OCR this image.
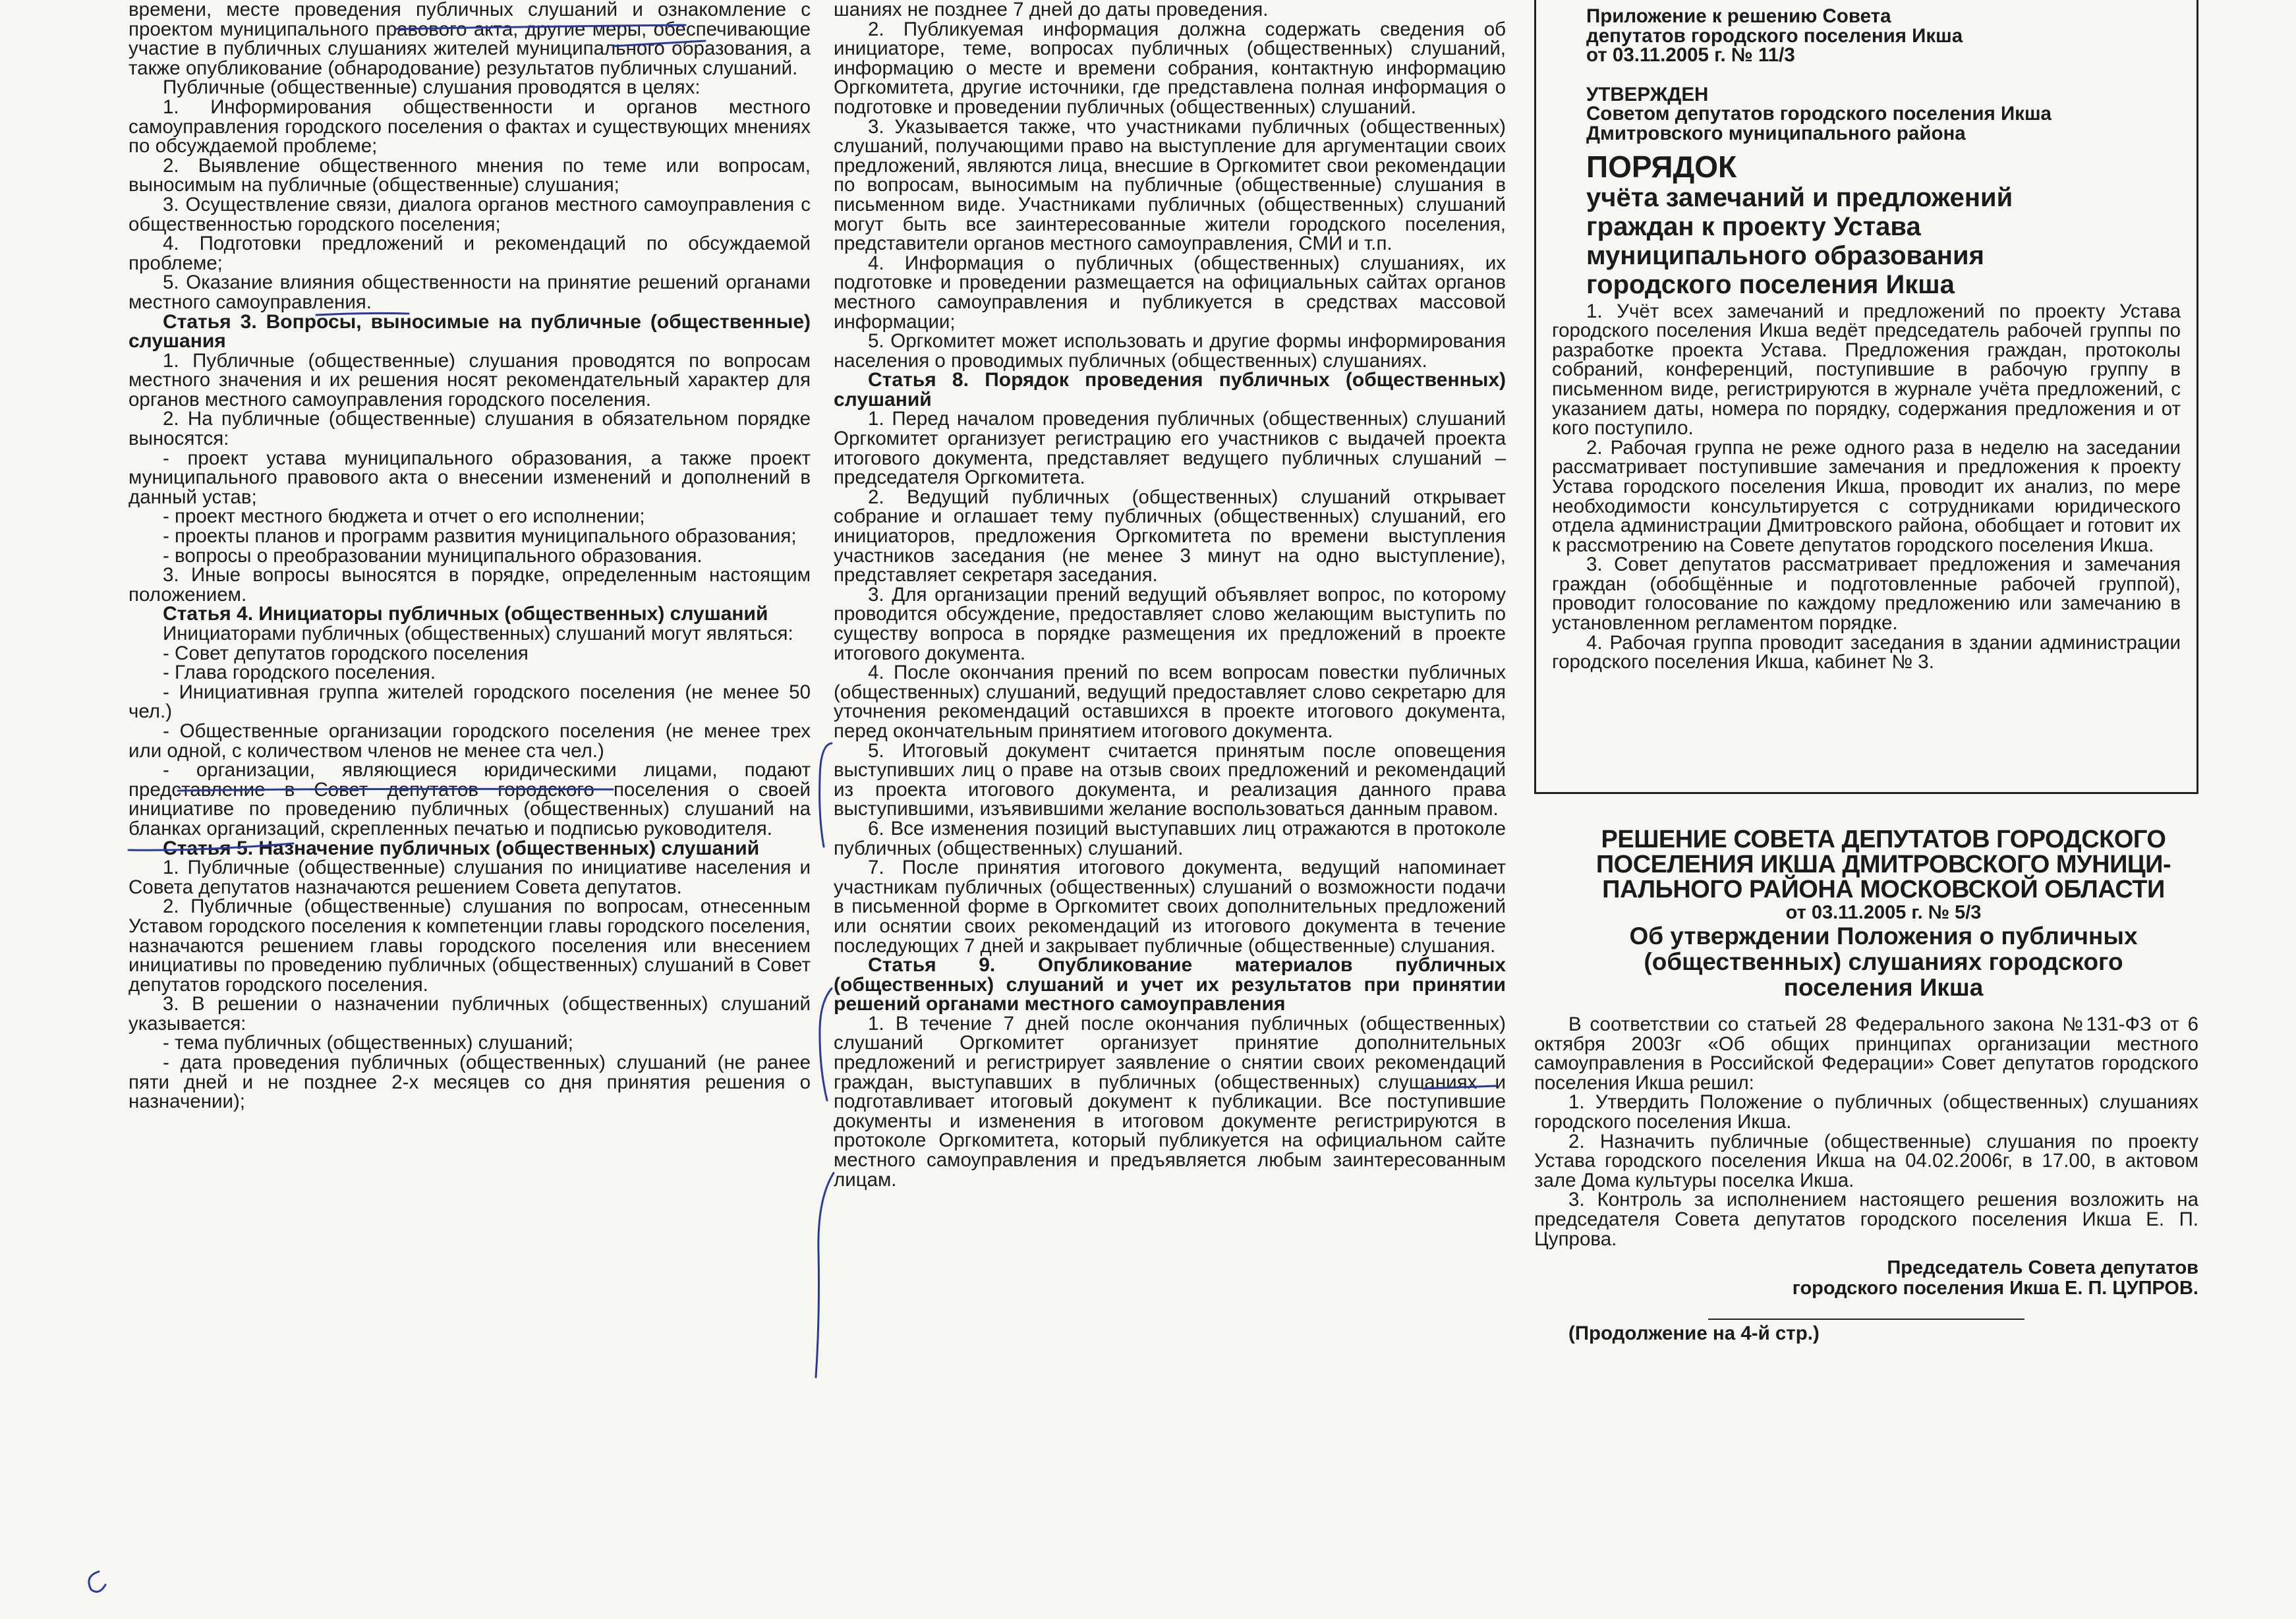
времени, месте проведения публичных слушаний и ознакомление с проектом муниципального правового акта, другие меры, обеспечивающие участие в публичных слушаниях жителей муниципального образования, а также опубликование (обнародование) результатов публичных слушаний.

Публичные (общественные) слушания проводятся в целях:

1. Информирования общественности и органов местного самоуправления городского поселения о фактах и существующих мнениях по обсуждаемой проблеме;

2. Выявление общественного мнения по теме или вопросам, выносимым на публичные (общественные) слушания;

3. Осуществление связи, диалога органов местного самоуправления с общественностью городского поселения;

4. Подготовки предложений и рекомендаций по обсуждаемой проблеме;

5. Оказание влияния общественности на принятие решений органами местного самоуправления.

Статья 3. Вопросы, выносимые на публичные (общественные) слушания

1. Публичные (общественные) слушания проводятся по вопросам местного значения и их решения носят рекомендательный характер для органов местного самоуправления городского поселения.

2. На публичные (общественные) слушания в обязательном порядке выносятся:

- проект устава муниципального образования, а также проект муниципального правового акта о внесении изменений и дополнений в данный устав;

- проект местного бюджета и отчет о его исполнении;

- проекты планов и программ развития муниципального образования;

- вопросы о преобразовании муниципального образования.

3. Иные вопросы выносятся в порядке, определенным настоящим положением.

Статья 4. Инициаторы публичных (общественных) слушаний

Инициаторами публичных (общественных) слушаний могут являться:

- Совет депутатов городского поселения

- Глава городского поселения.

- Инициативная группа жителей городского поселения (не менее 50 чел.)

- Общественные организации городского поселения (не менее трех или одной, с количеством членов не менее ста чел.)

- организации, являющиеся юридическими лицами, подают представление в Совет депутатов городского поселения о своей инициативе по проведению публичных (общественных) слушаний на бланках организаций, скрепленных печатью и подписью руководителя.

Статья 5. Назначение публичных (общественных) слушаний

1. Публичные (общественные) слушания по инициативе населения и Совета депутатов назначаются решением Совета депутатов.

2. Публичные (общественные) слушания по вопросам, отнесенным Уставом городского поселения к компетенции главы городского поселения, назначаются решением главы городского поселения или внесением инициативы по проведению публичных (общественных) слушаний в Совет депутатов городского поселения.

3. В решении о назначении публичных (общественных) слушаний указывается:

- тема публичных (общественных) слушаний;

- дата проведения публичных (общественных) слушаний (не ранее пяти дней и не позднее 2-х месяцев со дня принятия решения о назначении);

шаниях не позднее 7 дней до даты проведения.

2. Публикуемая информация должна содержать сведения об инициаторе, теме, вопросах публичных (общественных) слушаний, информацию о месте и времени собрания, контактную информацию Оргкомитета, другие источники, где представлена полная информация о подготовке и проведении публичных (общественных) слушаний.

3. Указывается также, что участниками публичных (общественных) слушаний, получающими право на выступление для аргументации своих предложений, являются лица, внесшие в Оргкомитет свои рекомендации по вопросам, выносимым на публичные (общественные) слушания в письменном виде. Участниками публичных (общественных) слушаний могут быть все заинтересованные жители городского поселения, представители органов местного самоуправления, СМИ и т.п.

4. Информация о публичных (общественных) слушаниях, их подготовке и проведении размещается на официальных сайтах органов местного самоуправления и публикуется в средствах массовой информации;

5. Оргкомитет может использовать и другие формы информирования населения о проводимых публичных (общественных) слушаниях.

Статья 8. Порядок проведения публичных (общественных) слушаний

1. Перед началом проведения публичных (общественных) слушаний Оргкомитет организует регистрацию его участников с выдачей проекта итогового документа, представляет ведущего публичных слушаний – председателя Оргкомитета.

2. Ведущий публичных (общественных) слушаний открывает собрание и оглашает тему публичных (общественных) слушаний, его инициаторов, предложения Оргкомитета по времени выступления участников заседания (не менее 3 минут на одно выступление), представляет секретаря заседания.

3. Для организации прений ведущий объявляет вопрос, по которому проводится обсуждение, предоставляет слово желающим выступить по существу вопроса в порядке размещения их предложений в проекте итогового документа.

4. После окончания прений по всем вопросам повестки публичных (общественных) слушаний, ведущий предоставляет слово секретарю для уточнения рекомендаций оставшихся в проекте итогового документа, перед окончательным принятием итогового документа.

5. Итоговый документ считается принятым после оповещения выступивших лиц о праве на отзыв своих предложений и рекомендаций из проекта итогового документа, и реализация данного права выступившими, изъявившими желание воспользоваться данным правом.

6. Все изменения позиций выступавших лиц отражаются в протоколе публичных (общественных) слушаний.

7. После принятия итогового документа, ведущий напоминает участникам публичных (общественных) слушаний о возможности подачи в письменной форме в Оргкомитет своих дополнительных предложений или оснятии своих рекомендаций из итогового документа в течение последующих 7 дней и закрывает публичные (общественные) слушания.

Статья 9. Опубликование материалов публичных (общественных) слушаний и учет их результатов при принятии решений органами местного самоуправления

1. В течение 7 дней после окончания публичных (общественных) слушаний Оргкомитет организует принятие дополнительных предложений и регистрирует заявление о снятии своих рекомендаций граждан, выступавших в публичных (общественных) слушаниях и подготавливает итоговый документ к публикации. Все поступившие документы и изменения в итоговом документе регистрируются в протоколе Оргкомитета, который публикуется на официальном сайте местного самоуправления и предъявляется любым заинтересованным лицам.

Приложение к решению Совета

депутатов городского поселения Икша

от 03.11.2005 г. № 11/3

УТВЕРЖДЕН

Советом депутатов городского поселения Икша

Дмитровского муниципального района

ПОРЯДОК

учёта замечаний и предложений

граждан к проекту Устава

муниципального образования

городского поселения Икша

1. Учёт всех замечаний и предложений по проекту Устава городского поселения Икша ведёт председатель рабочей группы по разработке проекта Устава. Предложения граждан, протоколы собраний, конференций, поступившие в рабочую группу в письменном виде, регистрируются в журнале учёта предложений, с указанием даты, номера по порядку, содержания предложения и от кого поступило.

2. Рабочая группа не реже одного раза в неделю на заседании рассматривает поступившие замечания и предложения к проекту Устава городского поселения Икша, проводит их анализ, по мере необходимости консультируется с сотрудниками юридического отдела администрации Дмитровского района, обобщает и готовит их к рассмотрению на Совете депутатов городского поселения Икша.

3. Совет депутатов рассматривает предложения и замечания граждан (обобщённые и подготовленные рабочей группой), проводит голосование по каждому предложению или замечанию в установленном регламентом порядке.

4. Рабочая группа проводит заседания в здании администрации городского поселения Икша, кабинет № 3.

РЕШЕНИЕ СОВЕТА ДЕПУТАТОВ ГОРОДСКОГО

ПОСЕЛЕНИЯ ИКША ДМИТРОВСКОГО МУНИЦИ-

ПАЛЬНОГО РАЙОНА МОСКОВСКОЙ ОБЛАСТИ

от 03.11.2005 г. № 5/3

Об утверждении Положения о публичных

(общественных) слушаниях городского

поселения Икша

В соответствии со статьей 28 Федерального закона №131-ФЗ от 6 октября 2003г «Об общих принципах организации местного самоуправления в Российской Федерации» Совет депутатов городского поселения Икша решил:

1. Утвердить Положение о публичных (общественных) слушаниях городского поселения Икша.

2. Назначить публичные (общественные) слушания по проекту Устава городского поселения Икша на 04.02.2006г, в 17.00, в актовом зале Дома культуры поселка Икша.

3. Контроль за исполнением настоящего решения возложить на председателя Совета депутатов городского поселения Икша Е. П. Цупрова.

Председатель Совета депутатов

городского поселения Икша Е. П. ЦУПРОВ.

(Продолжение на 4-й стр.)
